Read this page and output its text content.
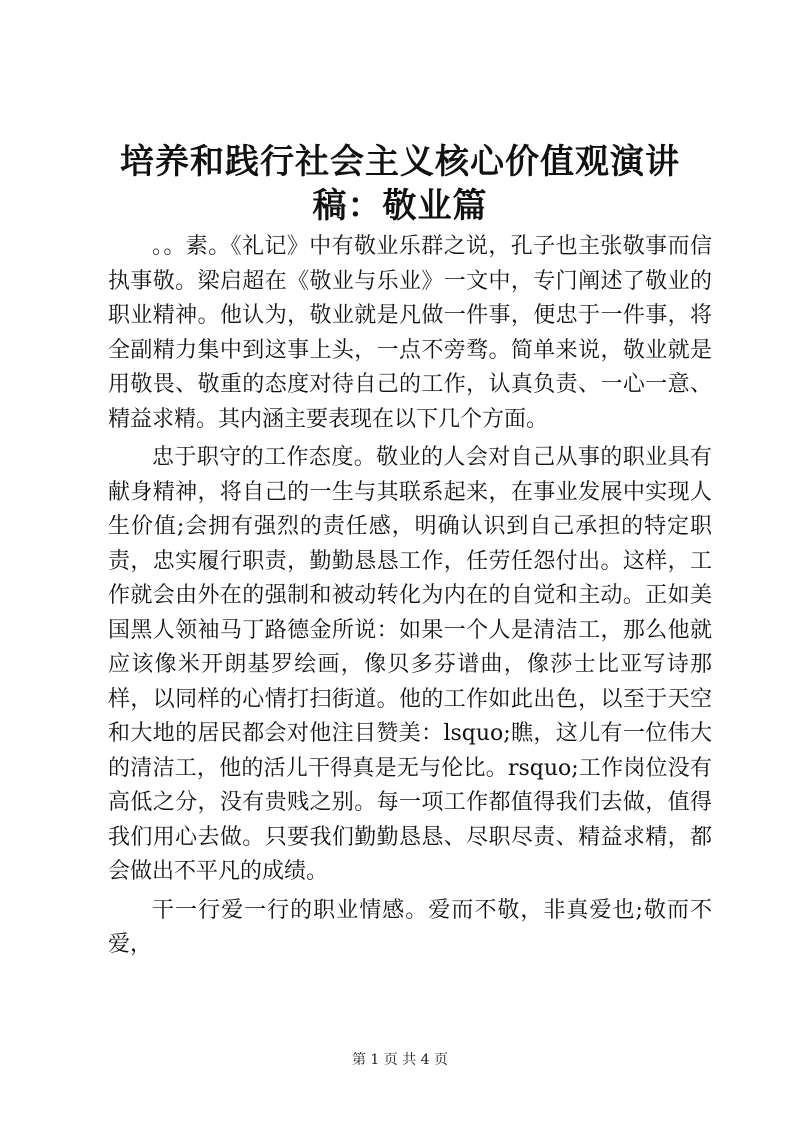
培养和践行社会主义核心价值观演讲稿：敬业篇

。。素。《礼记》中有敬业乐群之说，孔子也主张敬事而信执事敬。梁启超在《敬业与乐业》一文中，专门阐述了敬业的职业精神。他认为，敬业就是凡做一件事，便忠于一件事，将全副精力集中到这事上头，一点不旁骛。简单来说，敬业就是用敬畏、敬重的态度对待自己的工作，认真负责、一心一意、精益求精。其内涵主要表现在以下几个方面。

忠于职守的工作态度。敬业的人会对自己从事的职业具有献身精神，将自己的一生与其联系起来，在事业发展中实现人生价值;会拥有强烈的责任感，明确认识到自己承担的特定职责，忠实履行职责，勤勤恳恳工作，任劳任怨付出。这样，工作就会由外在的强制和被动转化为内在的自觉和主动。正如美国黑人领袖马丁路德金所说：如果一个人是清洁工，那么他就应该像米开朗基罗绘画，像贝多芬谱曲，像莎士比亚写诗那样，以同样的心情打扫街道。他的工作如此出色，以至于天空和大地的居民都会对他注目赞美：lsquo;瞧，这儿有一位伟大的清洁工，他的活儿干得真是无与伦比。rsquo;工作岗位没有高低之分，没有贵贱之别。每一项工作都值得我们去做，值得我们用心去做。只要我们勤勤恳恳、尽职尽责、精益求精，都会做出不平凡的成绩。

干一行爱一行的职业情感。爱而不敬，非真爱也;敬而不爱，

第 1 页 共 4 页
